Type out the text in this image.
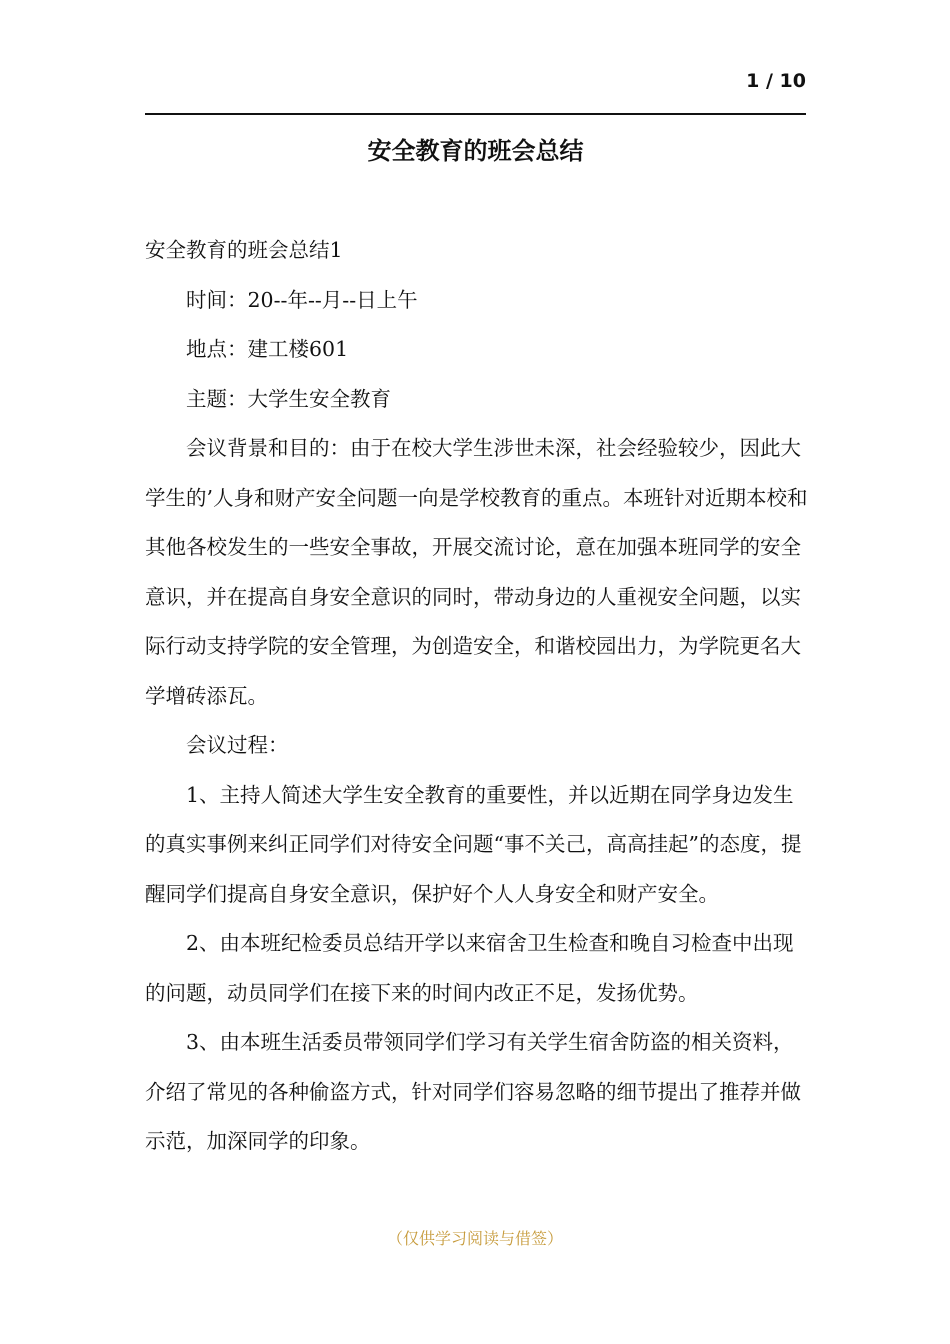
1 / 10
安全教育的班会总结

安全教育的班会总结1

时间：20--年--月--日上午

地点：建工楼601

主题：大学生安全教育

会议背景和目的：由于在校大学生涉世未深，社会经验较少，因此大学生的’人身和财产安全问题一向是学校教育的重点。本班针对近期本校和其他各校发生的一些安全事故，开展交流讨论，意在加强本班同学的安全意识，并在提高自身安全意识的同时，带动身边的人重视安全问题，以实际行动支持学院的安全管理，为创造安全，和谐校园出力，为学院更名大学增砖添瓦。

会议过程：

1、主持人简述大学生安全教育的重要性，并以近期在同学身边发生的真实事例来纠正同学们对待安全问题“事不关己，高高挂起”的态度，提醒同学们提高自身安全意识，保护好个人人身安全和财产安全。

2、由本班纪检委员总结开学以来宿舍卫生检查和晚自习检查中出现的问题，动员同学们在接下来的时间内改正不足，发扬优势。

3、由本班生活委员带领同学们学习有关学生宿舍防盗的相关资料，介绍了常见的各种偷盗方式，针对同学们容易忽略的细节提出了推荐并做示范，加深同学的印象。

（仅供学习阅读与借签）
